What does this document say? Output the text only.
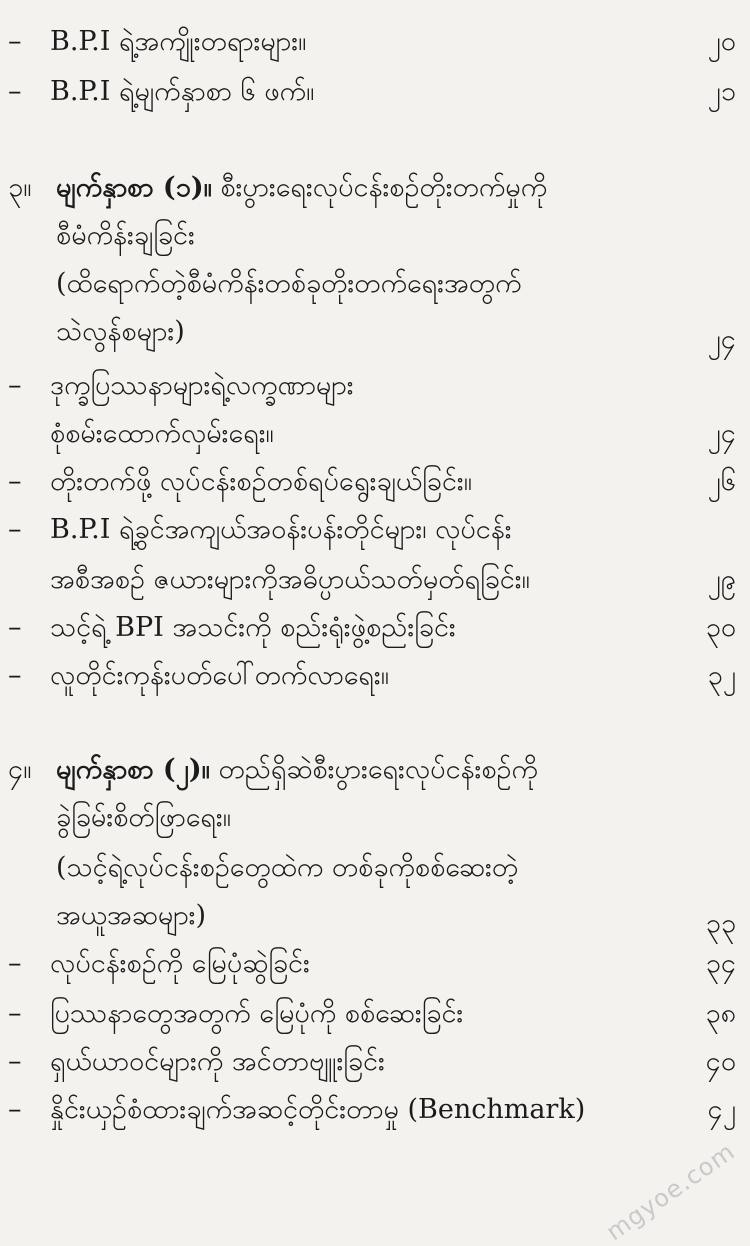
– B.P.I ရဲ့အကျိုးတရားများ။	၂၀
– B.P.I ရဲ့မျက်နှာစာ ၆ ဖက်။	၂၁
၃။ မျက်နှာစာ (၁)။ စီးပွားရေးလုပ်ငန်းစဉ်တိုးတက်မှုကို
စီမံကိန်းချခြင်း
(ထိရောက်တဲ့စီမံကိန်းတစ်ခုတိုးတက်ရေးအတွက်
သဲလွန်စများ)	၂၄
– ဒုက္ခပြဿနာများရဲ့လက္ခဏာများ
စုံစမ်းထောက်လှမ်းရေး။	၂၄
– တိုးတက်ဖို့ လုပ်ငန်းစဉ်တစ်ရပ်ရွေးချယ်ခြင်း။	၂၆
– B.P.I ရဲ့ခွင်အကျယ်အဝန်းပန်းတိုင်များ၊ လုပ်ငန်း
အစီအစဉ် ဇယားများကိုအဓိပ္ပာယ်သတ်မှတ်ရခြင်း။	၂၉
– သင့်ရဲ့ BPI အသင်းကို စည်းရုံးဖွဲ့စည်းခြင်း	၃၀
– လူတိုင်းကုန်းပတ်ပေါ်တက်လာရေး။	၃၂
၄။ မျက်နှာစာ (၂)။ တည်ရှိဆဲစီးပွားရေးလုပ်ငန်းစဉ်ကို
ခွဲခြမ်းစိတ်ဖြာရေး။
(သင့်ရဲ့လုပ်ငန်းစဉ်တွေထဲက တစ်ခုကိုစစ်ဆေးတဲ့
အယူအဆများ)	၃၃
– လုပ်ငန်းစဉ်ကို မြေပုံဆွဲခြင်း	၃၄
– ပြဿနာတွေအတွက် မြေပုံကို စစ်ဆေးခြင်း	၃၈
– ရှယ်ယာဝင်များကို အင်တာဗျူးခြင်း	၄၀
– နှိုင်းယှဉ်စံထားချက်အဆင့်တိုင်းတာမှု (Benchmark)	၄၂
mgyoe.com
